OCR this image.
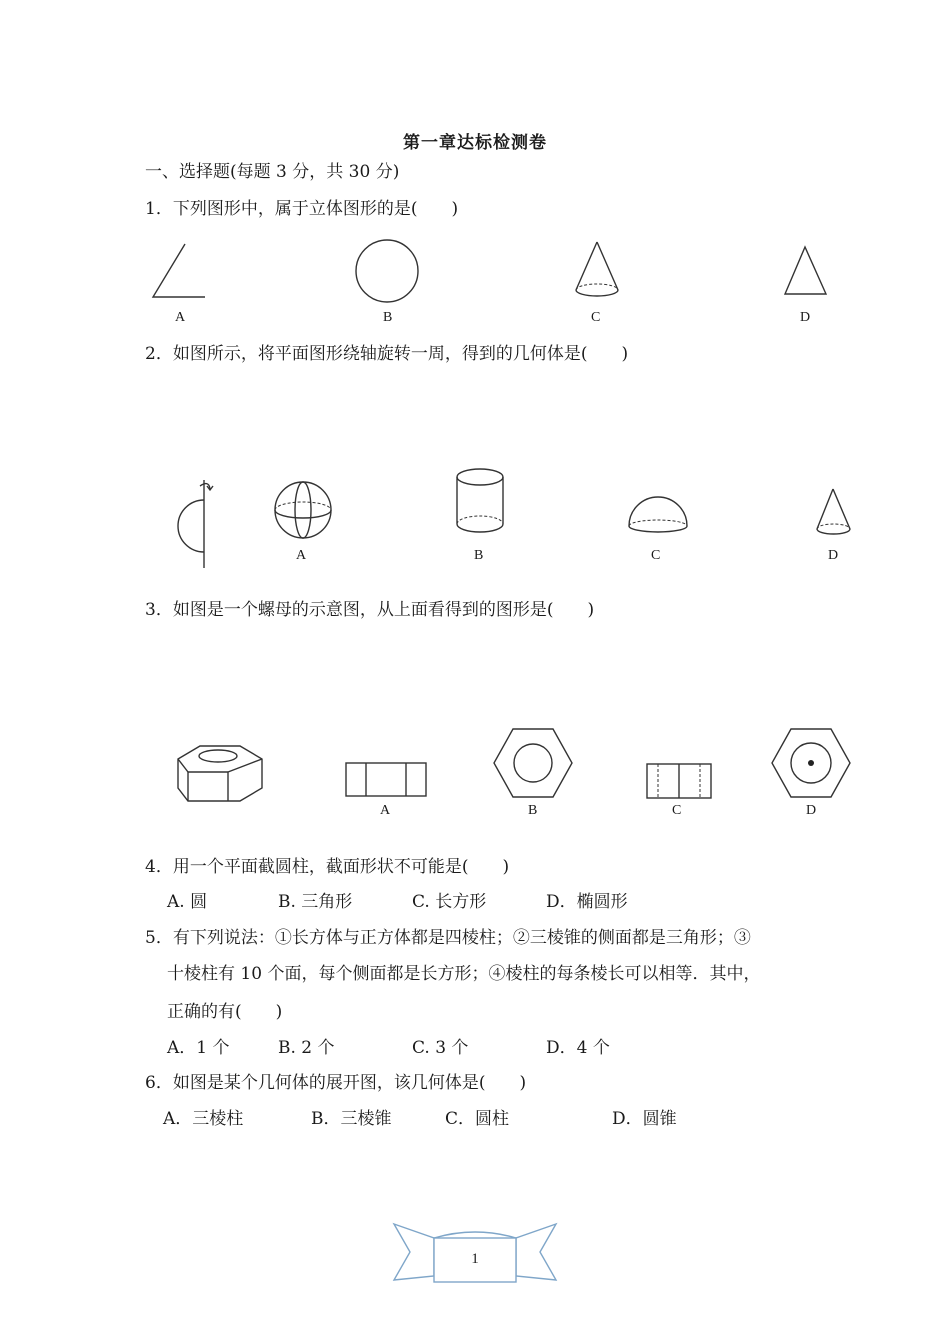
第一章达标检测卷
一、选择题(每题 3 分，共 30 分)
1．下列图形中，属于立体图形的是(　　)
A	B	C	D
2．如图所示，将平面图形绕轴旋转一周，得到的几何体是(　　)
A	B	C	D
3．如图是一个螺母的示意图，从上面看得到的图形是(　　)
A	B	C	D
4．用一个平面截圆柱，截面形状不可能是(　　)
A. 圆	B. 三角形	C. 长方形	D．椭圆形
5．有下列说法：①长方体与正方体都是四棱柱；②三棱锥的侧面都是三角形；③
十棱柱有 10 个面，每个侧面都是长方形；④棱柱的每条棱长可以相等．其中，
正确的有(　　)
A．1 个	B. 2 个	C. 3 个	D．4 个
6．如图是某个几何体的展开图，该几何体是(　　)
A．三棱柱	B．三棱锥	C．圆柱	D．圆锥
1
